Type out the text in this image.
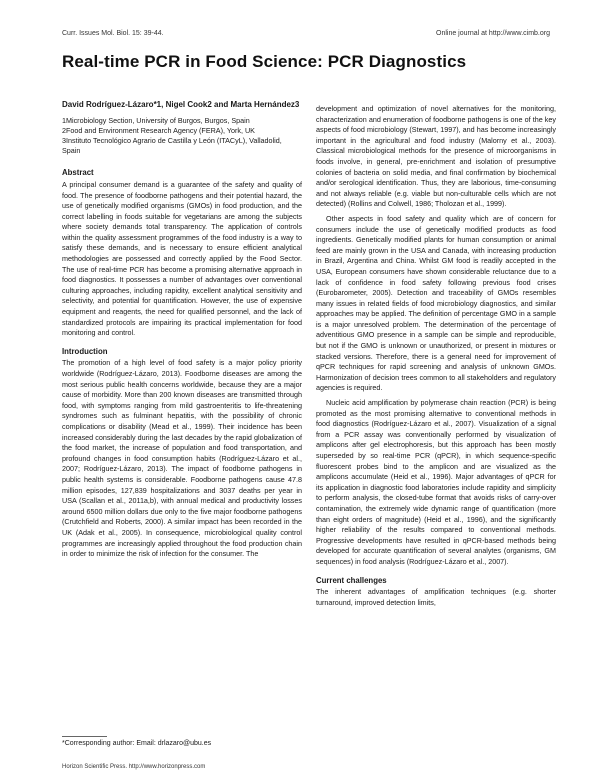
Curr. Issues Mol. Biol. 15: 39-44.	Online journal at http://www.cimb.org
Real-time PCR in Food Science: PCR Diagnostics
David Rodríguez-Lázaro*1, Nigel Cook2 and Marta Hernández3

1Microbiology Section, University of Burgos, Burgos, Spain

2Food and Environment Research Agency (FERA), York, UK

3Instituto Tecnológico Agrario de Castilla y León (ITACyL), Valladolid, Spain

Abstract

A principal consumer demand is a guarantee of the safety and quality of food. The presence of foodborne pathogens and their potential hazard, the use of genetically modified organisms (GMOs) in food production, and the correct labelling in foods suitable for vegetarians are among the subjects where society demands total transparency. The application of controls within the quality assessment programmes of the food industry is a way to satisfy these demands, and is necessary to ensure efficient analytical methodologies are possessed and correctly applied by the Food Sector. The use of real-time PCR has become a promising alternative approach in food diagnostics. It possesses a number of advantages over conventional culturing approaches, including rapidity, excellent analytical sensitivity and selectivity, and potential for quantification. However, the use of expensive equipment and reagents, the need for qualified personnel, and the lack of standardized protocols are impairing its practical implementation for food monitoring and control.

Introduction

The promotion of a high level of food safety is a major policy priority worldwide (Rodríguez-Lázaro, 2013). Foodborne diseases are among the most serious public health concerns worldwide, because they are a major cause of morbidity. More than 200 known diseases are transmitted through food, with symptoms ranging from mild gastroenteritis to life-threatening syndromes such as fulminant hepatitis, with the possibility of chronic complications or disability (Mead et al., 1999). Their incidence has been increased considerably during the last decades by the rapid globalization of the food market, the increase of population and food transportation, and profound changes in food consumption habits (Rodríguez-Lázaro et al., 2007; Rodríguez-Lázaro, 2013). The impact of foodborne pathogens in public health systems is considerable. Foodborne pathogens cause 47.8 million episodes, 127,839 hospitalizations and 3037 deaths per year in USA (Scallan et al., 2011a,b), with annual medical and productivity losses around 6500 million dollars due only to the five major foodborne pathogens (Crutchfield and Roberts, 2000). A similar impact has been recorded in the UK (Adak et al., 2005). In consequence, microbiological quality control programmes are increasingly applied throughout the food production chain in order to minimize the risk of infection for the consumer. The

development and optimization of novel alternatives for the monitoring, characterization and enumeration of foodborne pathogens is one of the key aspects of food microbiology (Stewart, 1997), and has become increasingly important in the agricultural and food industry (Malorny et al., 2003). Classical microbiological methods for the presence of microorganisms in foods involve, in general, pre-enrichment and isolation of presumptive colonies of bacteria on solid media, and final confirmation by biochemical and/or serological identification. Thus, they are laborious, time-consuming and not always reliable (e.g. viable but non-culturable cells which are not detected) (Rollins and Colwell, 1986; Tholozan et al., 1999).

Other aspects in food safety and quality which are of concern for consumers include the use of genetically modified products as food ingredients. Genetically modified plants for human consumption or animal feed are mainly grown in the USA and Canada, with increasing production in Brazil, Argentina and China. Whilst GM food is readily accepted in the USA, European consumers have shown considerable reluctance due to a lack of confidence in food safety following previous food crises (Eurobarometer, 2005). Detection and traceability of GMOs resembles many issues in related fields of food microbiology diagnostics, and similar approaches may be applied. The definition of percentage GMO in a sample is a major unresolved problem. The determination of the percentage of adventitious GMO presence in a sample can be simple and reproducible, but not if the GMO is unknown or unauthorized, or present in mixtures or stacked versions. Therefore, there is a general need for improvement of qPCR techniques for rapid screening and analysis of unknown GMOs. Harmonization of decision trees common to all stakeholders and regulatory agencies is required.

Nucleic acid amplification by polymerase chain reaction (PCR) is being promoted as the most promising alternative to conventional methods in food diagnostics (Rodríguez-Lázaro et al., 2007). Visualization of a signal from a PCR assay was conventionally performed by visualization of amplicons after gel electrophoresis, but this approach has been mostly superseded by so real-time PCR (qPCR), in which sequence-specific fluorescent probes bind to the amplicon and are visualized as the amplicons accumulate (Heid et al., 1996). Major advantages of qPCR for its application in diagnostic food laboratories include rapidity and simplicity to perform analysis, the closed-tube format that avoids risks of carry-over contamination, the extremely wide dynamic range of quantification (more than eight orders of magnitude) (Heid et al., 1996), and the significantly higher reliability of the results compared to conventional methods. Progressive developments have resulted in qPCR-based methods being developed for accurate quantification of several analytes (organisms, GM sequences) in food analysis (Rodríguez-Lázaro et al., 2007).

Current challenges

The inherent advantages of amplification techniques (e.g. shorter turnaround, improved detection limits,

*Corresponding author: Email: drlazaro@ubu.es
Horizon Scientific Press. http://www.horizonpress.com
